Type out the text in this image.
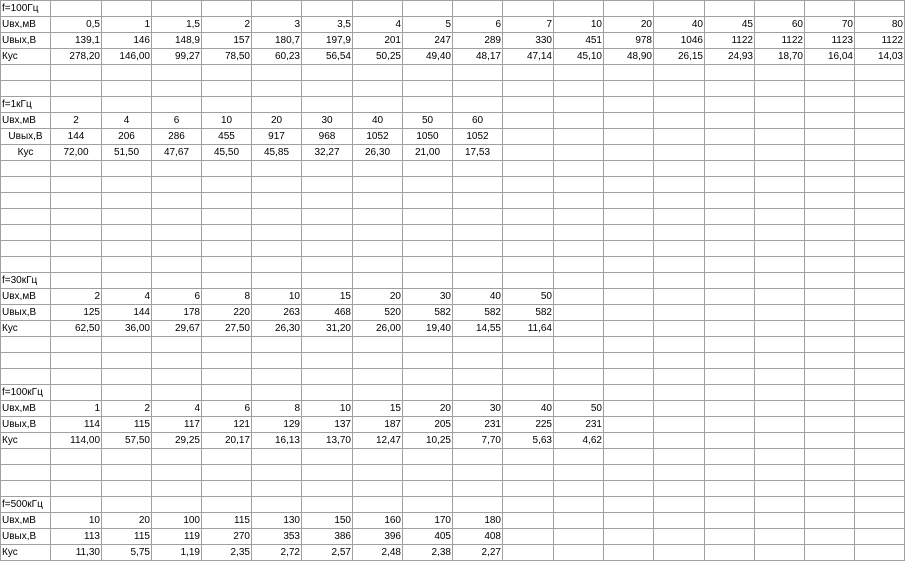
f=100Гц																	
Uвх,мВ	0,5	1	1,5	2	3	3,5	4	5	6	7	10	20	40	45	60	70	80
Uвых,В	139,1	146	148,9	157	180,7	197,9	201	247	289	330	451	978	1046	1122	1122	1123	1122
Кус	278,20	146,00	99,27	78,50	60,23	56,54	50,25	49,40	48,17	47,14	45,10	48,90	26,15	24,93	18,70	16,04	14,03

f=1кГц																	
Uвх,мВ	2	4	6	10	20	30	40	50	60								
Uвых,В	144	206	286	455	917	968	1052	1050	1052								
Кус	72,00	51,50	47,67	45,50	45,85	32,27	26,30	21,00	17,53								

f=30кГц																	
Uвх,мВ	2	4	6	8	10	15	20	30	40	50							
Uвых,В	125	144	178	220	263	468	520	582	582	582							
Кус	62,50	36,00	29,67	27,50	26,30	31,20	26,00	19,40	14,55	11,64							

f=100кГц																	
Uвх,мВ	1	2	4	6	8	10	15	20	30	40	50						
Uвых,В	114	115	117	121	129	137	187	205	231	225	231						
Кус	114,00	57,50	29,25	20,17	16,13	13,70	12,47	10,25	7,70	5,63	4,62						

f=500кГц																	
Uвх,мВ	10	20	100	115	130	150	160	170	180								
Uвых,В	113	115	119	270	353	386	396	405	408								
Кус	11,30	5,75	1,19	2,35	2,72	2,57	2,48	2,38	2,27								
